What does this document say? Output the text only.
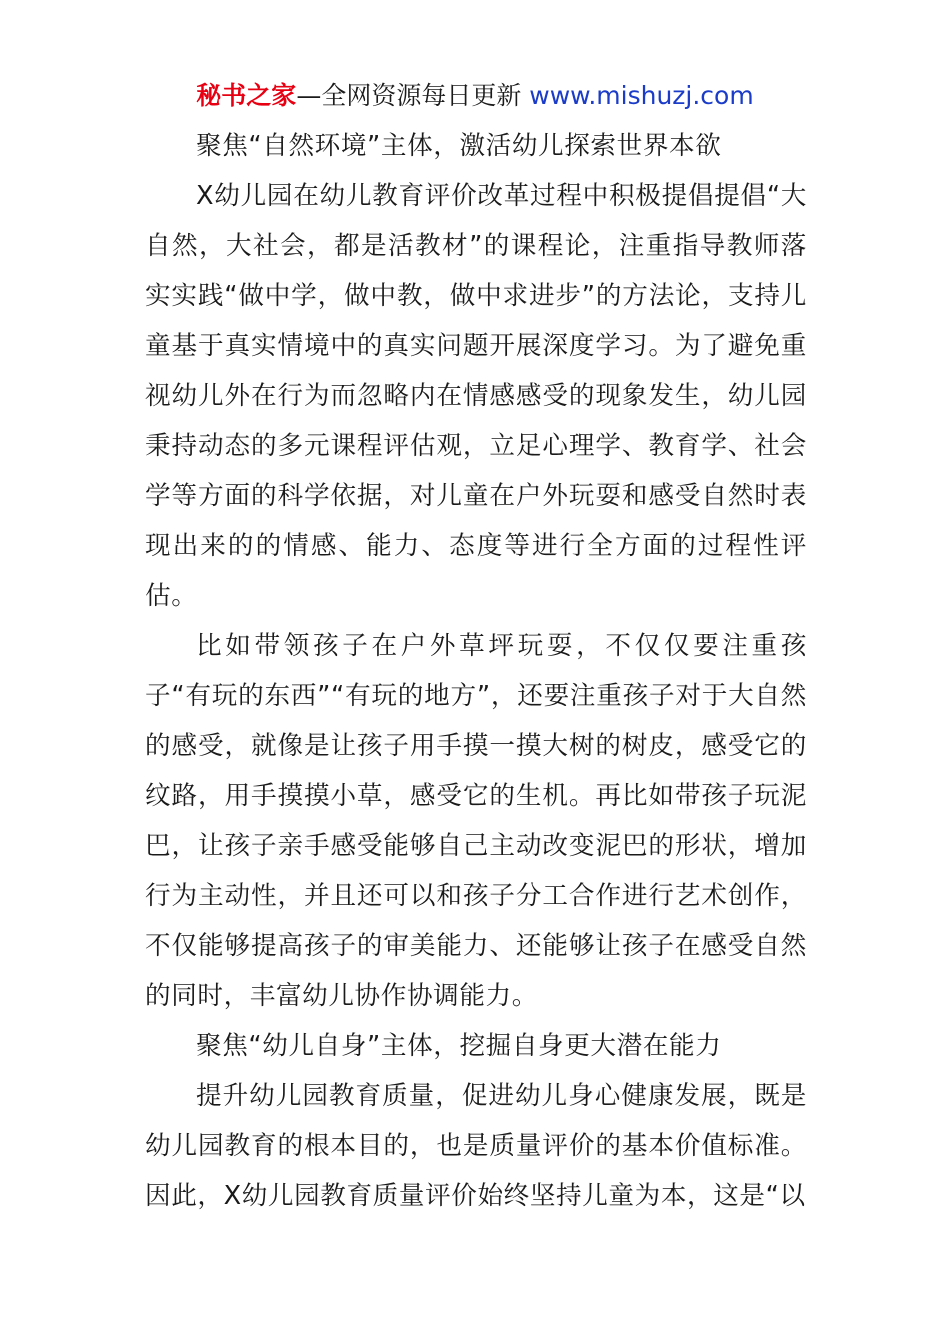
秘书之家—全网资源每日更新 www.mishuzj.com

聚焦“自然环境”主体，激活幼儿探索世界本欲

X幼儿园在幼儿教育评价改革过程中积极提倡提倡“大自然，大社会，都是活教材”的课程论，注重指导教师落实实践“做中学，做中教，做中求进步”的方法论，支持儿童基于真实情境中的真实问题开展深度学习。为了避免重视幼儿外在行为而忽略内在情感感受的现象发生，幼儿园秉持动态的多元课程评估观，立足心理学、教育学、社会学等方面的科学依据，对儿童在户外玩耍和感受自然时表现出来的的情感、能力、态度等进行全方面的过程性评估。

比如带领孩子在户外草坪玩耍，不仅仅要注重孩子“有玩的东西”“有玩的地方”，还要注重孩子对于大自然的感受，就像是让孩子用手摸一摸大树的树皮，感受它的纹路，用手摸摸小草，感受它的生机。再比如带孩子玩泥巴，让孩子亲手感受能够自己主动改变泥巴的形状，增加行为主动性，并且还可以和孩子分工合作进行艺术创作，不仅能够提高孩子的审美能力、还能够让孩子在感受自然的同时，丰富幼儿协作协调能力。

聚焦“幼儿自身”主体，挖掘自身更大潜在能力

提升幼儿园教育质量，促进幼儿身心健康发展，既是幼儿园教育的根本目的，也是质量评价的基本价值标准。因此，X幼儿园教育质量评价始终坚持儿童为本，这是“以
